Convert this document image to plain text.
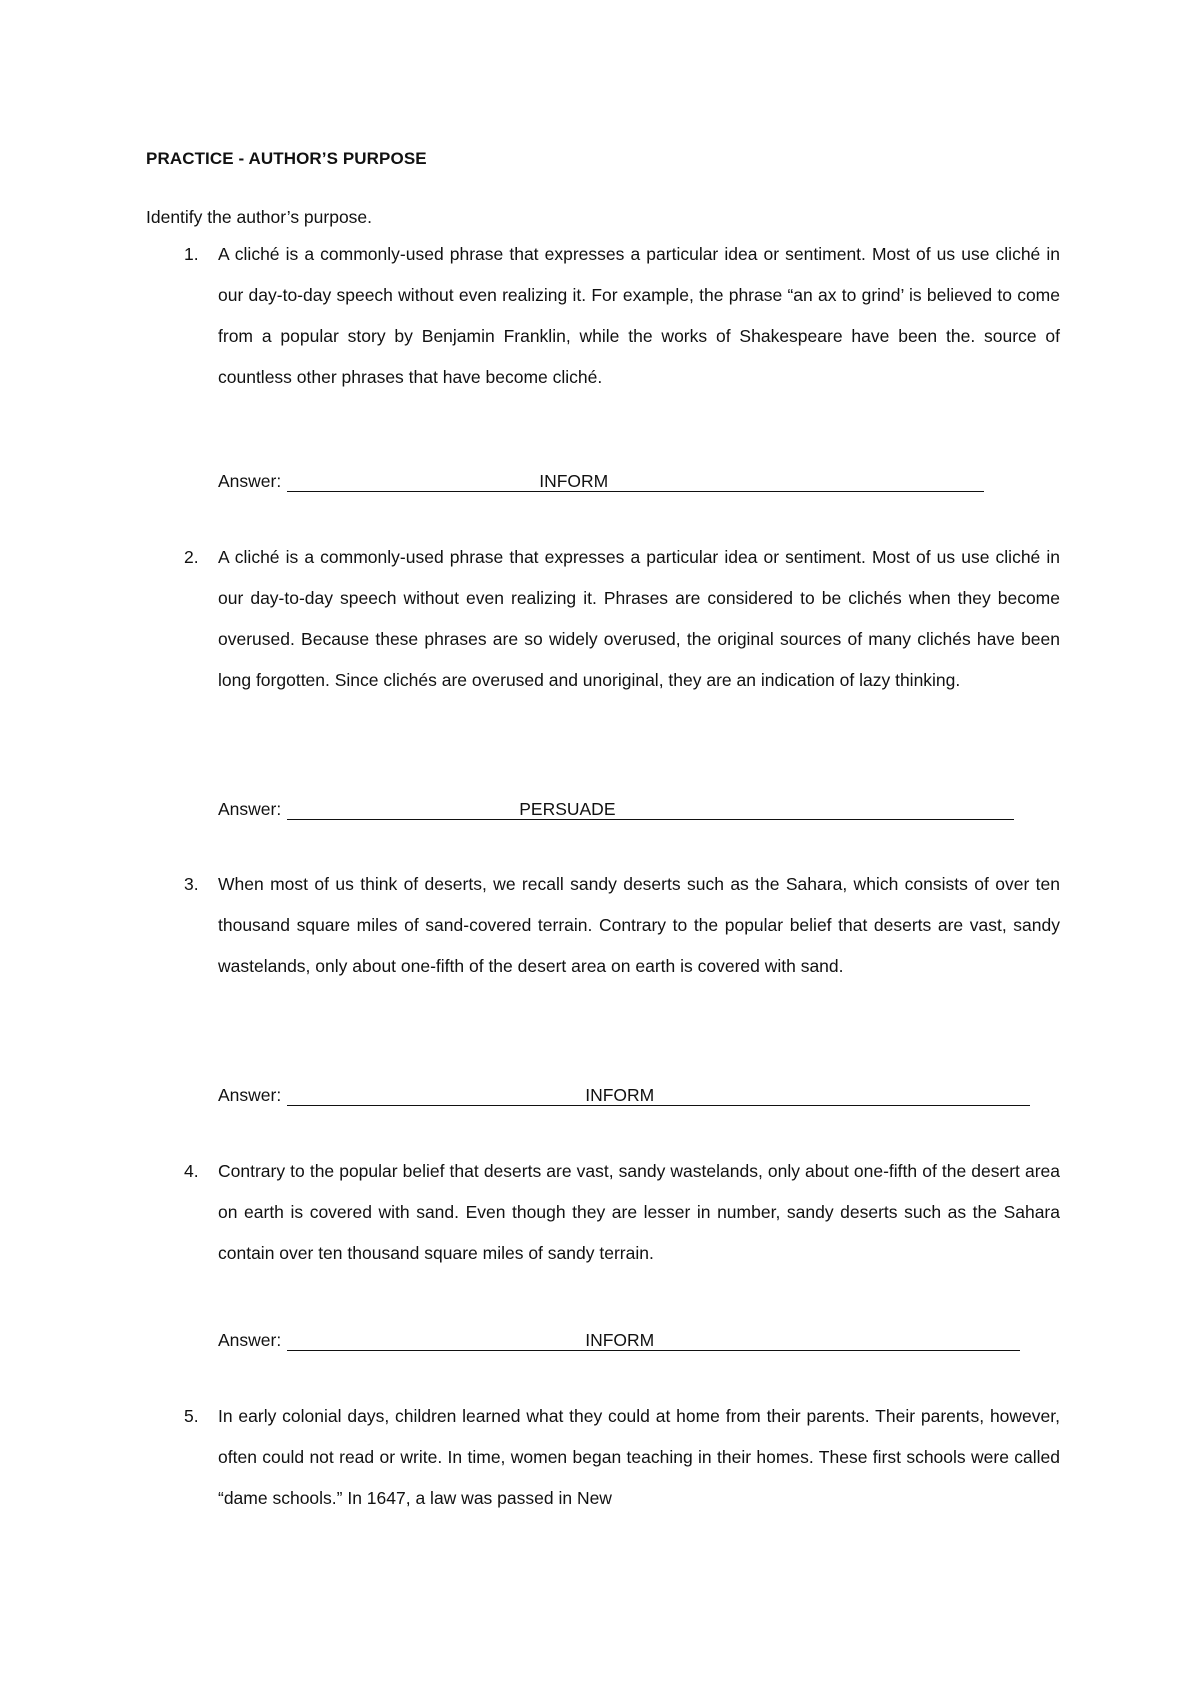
PRACTICE - AUTHOR’S PURPOSE
Identify the author’s purpose.
1.	A cliché is a commonly-used phrase that expresses a particular idea or sentiment. Most of us use cliché in our day-to-day speech without even realizing it. For example, the phrase “an ax to grind’ is believed to come from a popular story by Benjamin Franklin, while the works of Shakespeare have been the. source of countless other phrases that have become cliché.

Answer:	INFORM
2.	A cliché is a commonly-used phrase that expresses a particular idea or sentiment. Most of us use cliché in our day-to-day speech without even realizing it. Phrases are considered to be clichés when they become overused. Because these phrases are so widely overused, the original sources of many clichés have been long forgotten. Since clichés are overused and unoriginal, they are an indication of lazy thinking.

Answer:	PERSUADE
3.	When most of us think of deserts, we recall sandy deserts such as the Sahara, which consists of over ten thousand square miles of sand-covered terrain. Contrary to the popular belief that deserts are vast, sandy wastelands, only about one-fifth of the desert area on earth is covered with sand.

Answer:	INFORM
4.	Contrary to the popular belief that deserts are vast, sandy wastelands, only about one-fifth of the desert area on earth is covered with sand. Even though they are lesser in number, sandy deserts such as the Sahara contain over ten thousand square miles of sandy terrain.

Answer:	INFORM
5.	In early colonial days, children learned what they could at home from their parents. Their parents, however, often could not read or write. In time, women began teaching in their homes. These first schools were called “dame schools.” In 1647, a law was passed in New
